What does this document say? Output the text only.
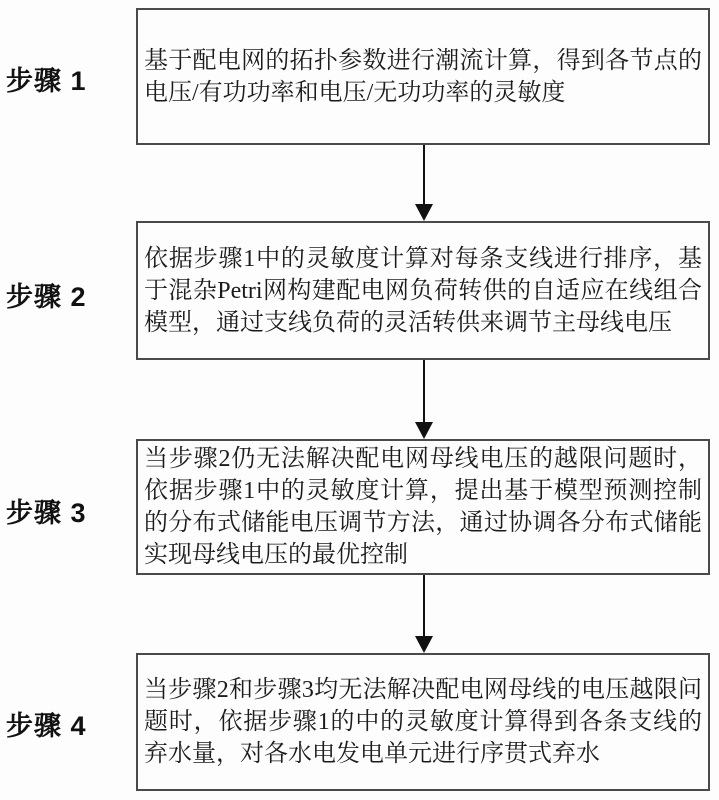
步骤 1
基于配电网的拓扑参数进行潮流计算，得到各节点的电压/有功功率和电压/无功功率的灵敏度
步骤 2
依据步骤1中的灵敏度计算对每条支线进行排序，基于混杂Petri网构建配电网负荷转供的自适应在线组合模型，通过支线负荷的灵活转供来调节主母线电压
步骤 3
当步骤2仍无法解决配电网母线电压的越限问题时，依据步骤1中的灵敏度计算，提出基于模型预测控制的分布式储能电压调节方法，通过协调各分布式储能实现母线电压的最优控制
步骤 4
当步骤2和步骤3均无法解决配电网母线的电压越限问题时，依据步骤1的中的灵敏度计算得到各条支线的弃水量，对各水电发电单元进行序贯式弃水
